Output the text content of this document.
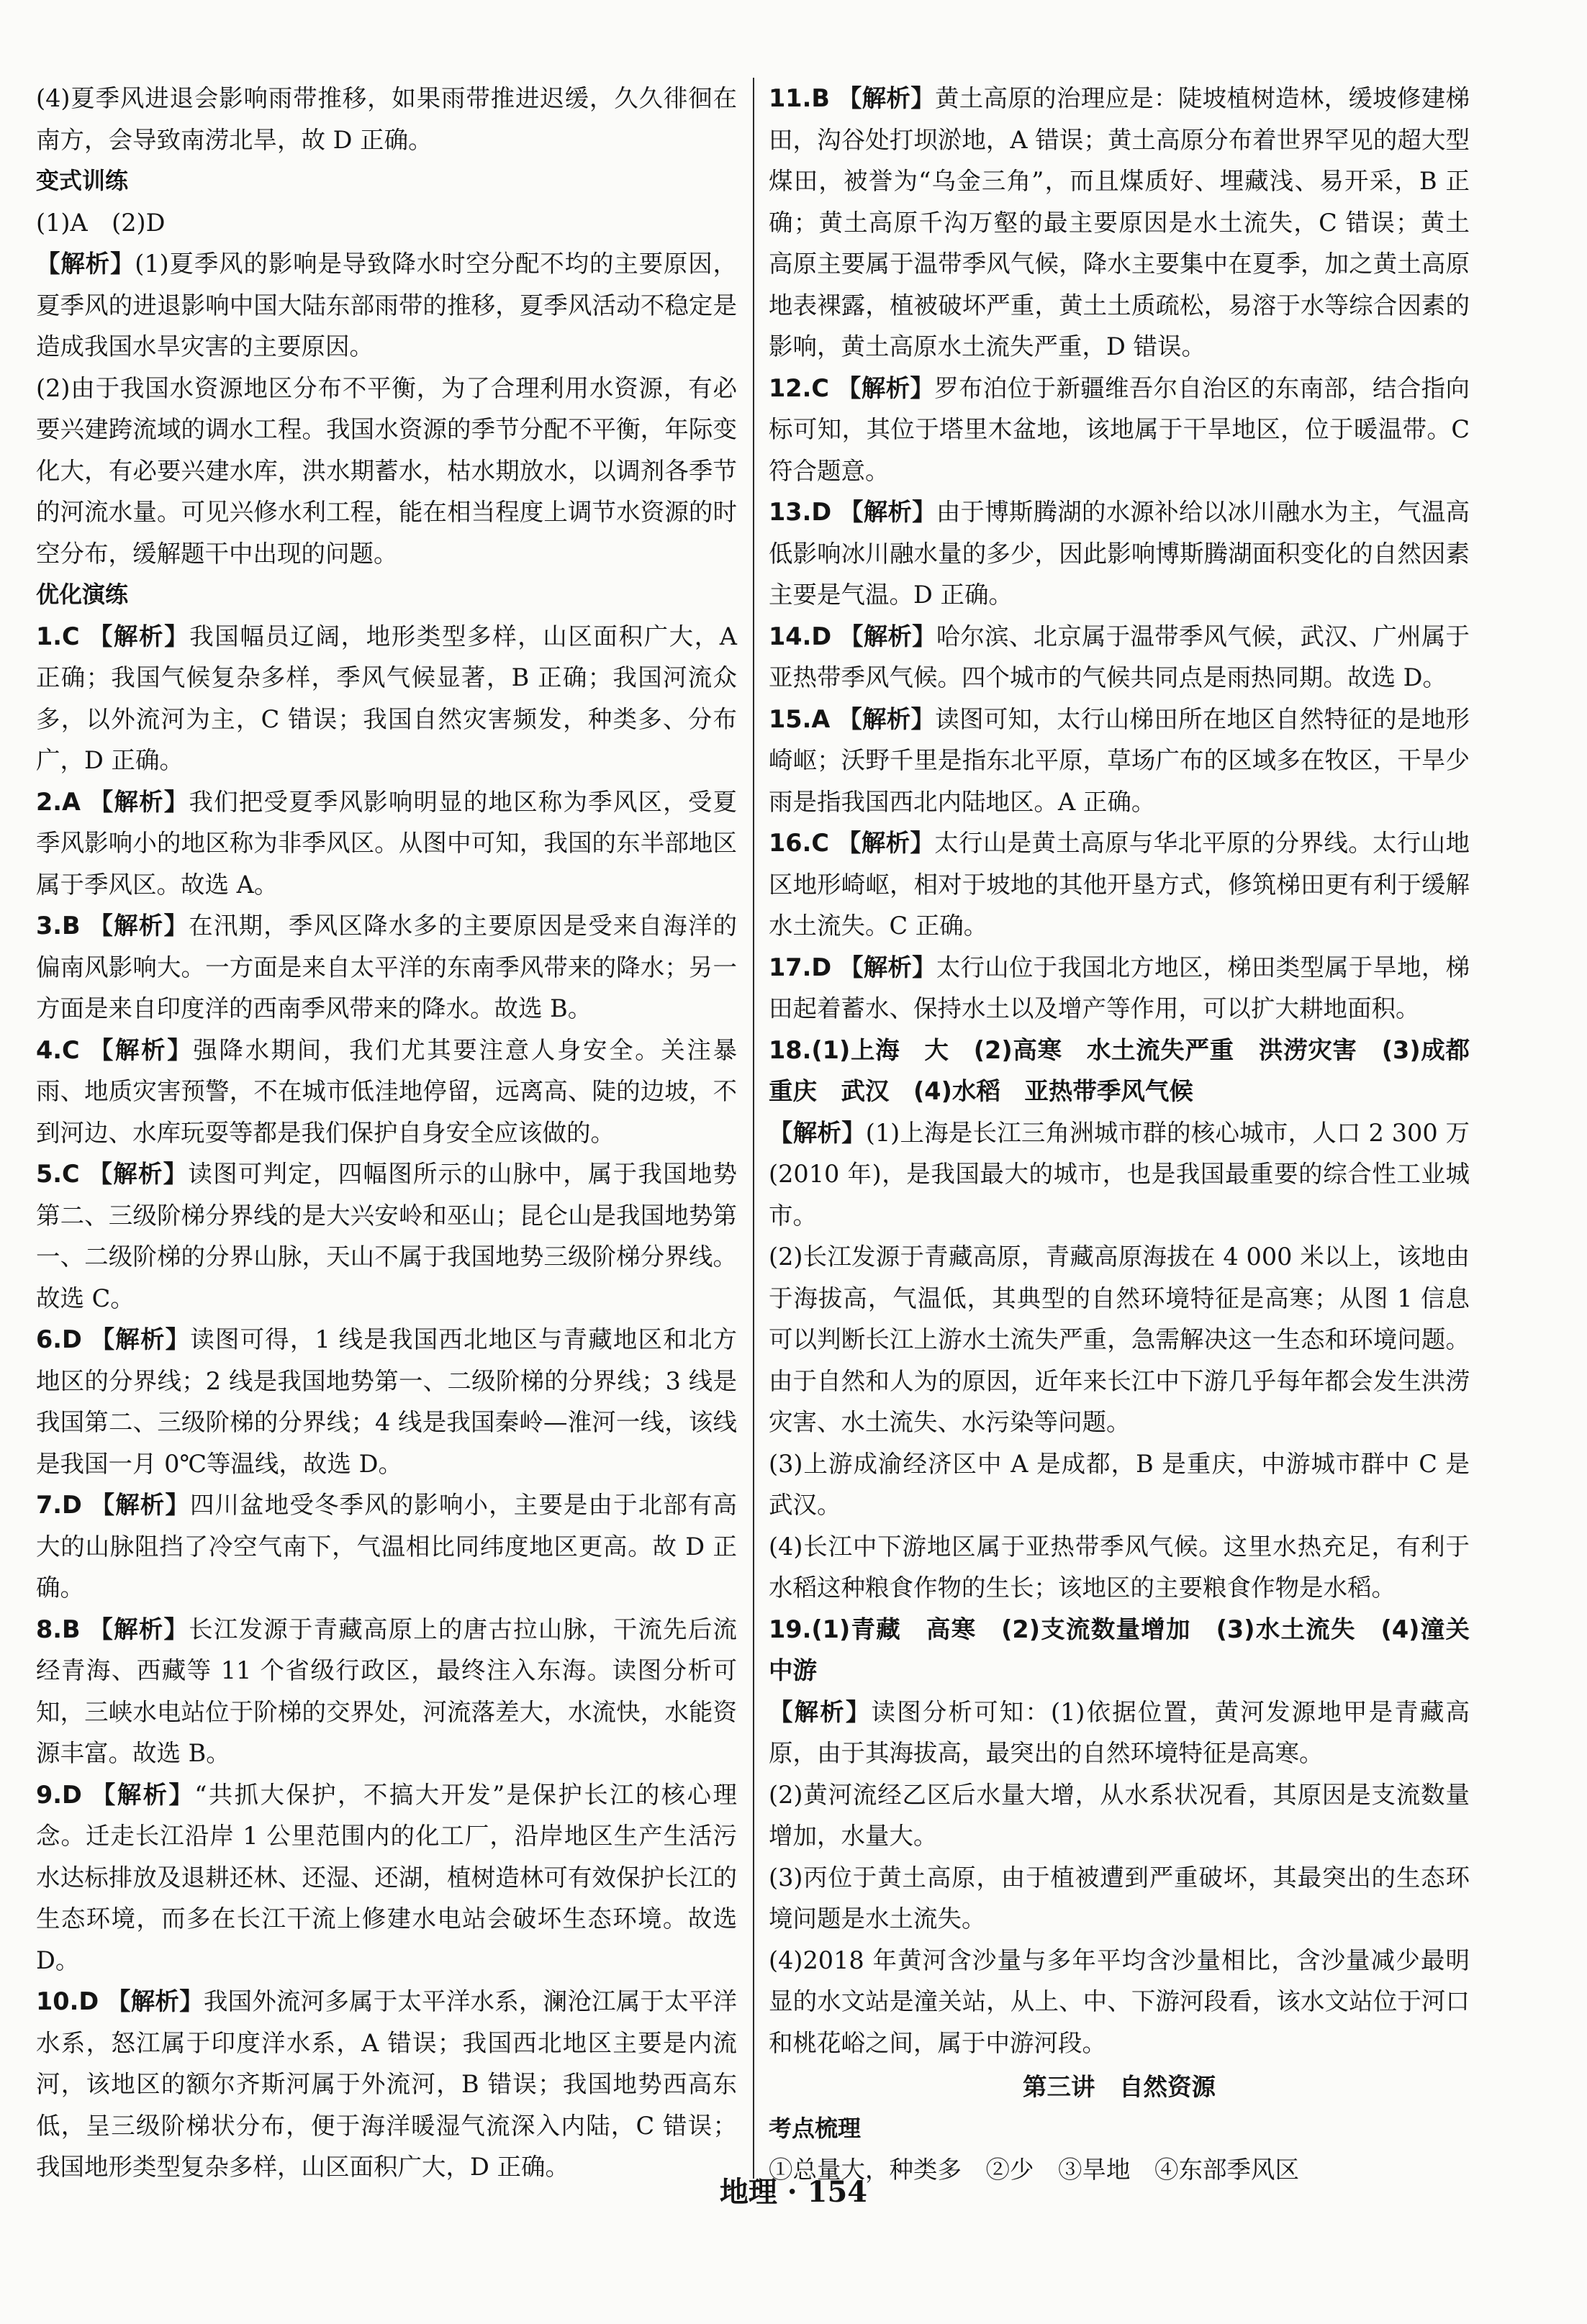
(4)夏季风进退会影响雨带推移，如果雨带推进迟缓，久久徘徊在南方，会导致南涝北旱，故 D 正确。
变式训练
(1)A　(2)D
【解析】(1)夏季风的影响是导致降水时空分配不均的主要原因，夏季风的进退影响中国大陆东部雨带的推移，夏季风活动不稳定是造成我国水旱灾害的主要原因。
(2)由于我国水资源地区分布不平衡，为了合理利用水资源，有必要兴建跨流域的调水工程。我国水资源的季节分配不平衡，年际变化大，有必要兴建水库，洪水期蓄水，枯水期放水，以调剂各季节的河流水量。可见兴修水利工程，能在相当程度上调节水资源的时空分布，缓解题干中出现的问题。
优化演练
1.C 【解析】我国幅员辽阔，地形类型多样，山区面积广大，A 正确；我国气候复杂多样，季风气候显著，B 正确；我国河流众多，以外流河为主，C 错误；我国自然灾害频发，种类多、分布广，D 正确。
2.A 【解析】我们把受夏季风影响明显的地区称为季风区，受夏季风影响小的地区称为非季风区。从图中可知，我国的东半部地区属于季风区。故选 A。
3.B 【解析】在汛期，季风区降水多的主要原因是受来自海洋的偏南风影响大。一方面是来自太平洋的东南季风带来的降水；另一方面是来自印度洋的西南季风带来的降水。故选 B。
4.C 【解析】强降水期间，我们尤其要注意人身安全。关注暴雨、地质灾害预警，不在城市低洼地停留，远离高、陡的边坡，不到河边、水库玩耍等都是我们保护自身安全应该做的。
5.C 【解析】读图可判定，四幅图所示的山脉中，属于我国地势第二、三级阶梯分界线的是大兴安岭和巫山；昆仑山是我国地势第一、二级阶梯的分界山脉，天山不属于我国地势三级阶梯分界线。故选 C。
6.D 【解析】读图可得，1 线是我国西北地区与青藏地区和北方地区的分界线；2 线是我国地势第一、二级阶梯的分界线；3 线是我国第二、三级阶梯的分界线；4 线是我国秦岭—淮河一线，该线是我国一月 0℃等温线，故选 D。
7.D 【解析】四川盆地受冬季风的影响小，主要是由于北部有高大的山脉阻挡了冷空气南下，气温相比同纬度地区更高。故 D 正确。
8.B 【解析】长江发源于青藏高原上的唐古拉山脉，干流先后流经青海、西藏等 11 个省级行政区，最终注入东海。读图分析可知，三峡水电站位于阶梯的交界处，河流落差大，水流快，水能资源丰富。故选 B。
9.D 【解析】“共抓大保护，不搞大开发”是保护长江的核心理念。迁走长江沿岸 1 公里范围内的化工厂，沿岸地区生产生活污水达标排放及退耕还林、还湿、还湖，植树造林可有效保护长江的生态环境，而多在长江干流上修建水电站会破坏生态环境。故选 D。
10.D 【解析】我国外流河多属于太平洋水系，澜沧江属于太平洋水系，怒江属于印度洋水系，A 错误；我国西北地区主要是内流河，该地区的额尔齐斯河属于外流河，B 错误；我国地势西高东低，呈三级阶梯状分布，便于海洋暖湿气流深入内陆，C 错误；我国地形类型复杂多样，山区面积广大，D 正确。
11.B 【解析】黄土高原的治理应是：陡坡植树造林，缓坡修建梯田，沟谷处打坝淤地，A 错误；黄土高原分布着世界罕见的超大型煤田，被誉为“乌金三角”，而且煤质好、埋藏浅、易开采，B 正确；黄土高原千沟万壑的最主要原因是水土流失，C 错误；黄土高原主要属于温带季风气候，降水主要集中在夏季，加之黄土高原地表裸露，植被破坏严重，黄土土质疏松，易溶于水等综合因素的影响，黄土高原水土流失严重，D 错误。
12.C 【解析】罗布泊位于新疆维吾尔自治区的东南部，结合指向标可知，其位于塔里木盆地，该地属于干旱地区，位于暖温带。C 符合题意。
13.D 【解析】由于博斯腾湖的水源补给以冰川融水为主，气温高低影响冰川融水量的多少，因此影响博斯腾湖面积变化的自然因素主要是气温。D 正确。
14.D 【解析】哈尔滨、北京属于温带季风气候，武汉、广州属于亚热带季风气候。四个城市的气候共同点是雨热同期。故选 D。
15.A 【解析】读图可知，太行山梯田所在地区自然特征的是地形崎岖；沃野千里是指东北平原，草场广布的区域多在牧区，干旱少雨是指我国西北内陆地区。A 正确。
16.C 【解析】太行山是黄土高原与华北平原的分界线。太行山地区地形崎岖，相对于坡地的其他开垦方式，修筑梯田更有利于缓解水土流失。C 正确。
17.D 【解析】太行山位于我国北方地区，梯田类型属于旱地，梯田起着蓄水、保持水土以及增产等作用，可以扩大耕地面积。
18.(1)上海　大　(2)高寒　水土流失严重　洪涝灾害　(3)成都　重庆　武汉　(4)水稻　亚热带季风气候
【解析】(1)上海是长江三角洲城市群的核心城市，人口 2 300 万(2010 年)，是我国最大的城市，也是我国最重要的综合性工业城市。
(2)长江发源于青藏高原，青藏高原海拔在 4 000 米以上，该地由于海拔高，气温低，其典型的自然环境特征是高寒；从图 1 信息可以判断长江上游水土流失严重，急需解决这一生态和环境问题。由于自然和人为的原因，近年来长江中下游几乎每年都会发生洪涝灾害、水土流失、水污染等问题。
(3)上游成渝经济区中 A 是成都，B 是重庆，中游城市群中 C 是武汉。
(4)长江中下游地区属于亚热带季风气候。这里水热充足，有利于水稻这种粮食作物的生长；该地区的主要粮食作物是水稻。
19.(1)青藏　高寒　(2)支流数量增加　(3)水土流失　(4)潼关　中游
【解析】读图分析可知：(1)依据位置，黄河发源地甲是青藏高原，由于其海拔高，最突出的自然环境特征是高寒。
(2)黄河流经乙区后水量大增，从水系状况看，其原因是支流数量增加，水量大。
(3)丙位于黄土高原，由于植被遭到严重破坏，其最突出的生态环境问题是水土流失。
(4)2018 年黄河含沙量与多年平均含沙量相比，含沙量减少最明显的水文站是潼关站，从上、中、下游河段看，该水文站位于河口和桃花峪之间，属于中游河段。
第三讲　自然资源
考点梳理
①总量大，种类多　②少　③旱地　④东部季风区
地理 · 154
